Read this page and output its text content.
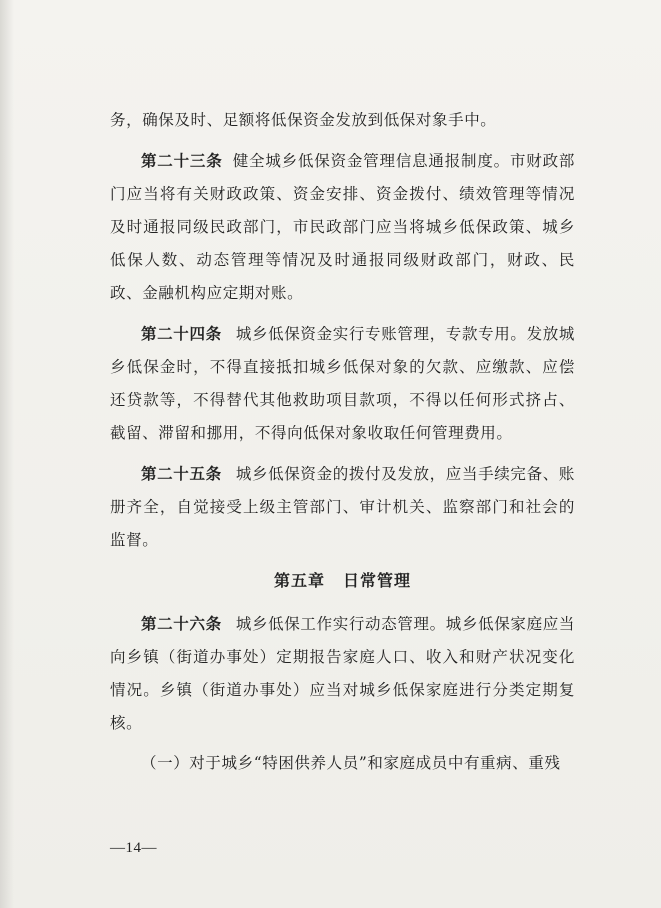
务，确保及时、足额将低保资金发放到低保对象手中。

第二十三条 健全城乡低保资金管理信息通报制度。市财政部门应当将有关财政政策、资金安排、资金拨付、绩效管理等情况及时通报同级民政部门，市民政部门应当将城乡低保政策、城乡低保人数、动态管理等情况及时通报同级财政部门，财政、民政、金融机构应定期对账。

第二十四条 城乡低保资金实行专账管理，专款专用。发放城乡低保金时，不得直接抵扣城乡低保对象的欠款、应缴款、应偿还贷款等，不得替代其他救助项目款项，不得以任何形式挤占、截留、滞留和挪用，不得向低保对象收取任何管理费用。

第二十五条 城乡低保资金的拨付及发放，应当手续完备、账册齐全，自觉接受上级主管部门、审计机关、监察部门和社会的监督。

第五章 日常管理

第二十六条 城乡低保工作实行动态管理。城乡低保家庭应当向乡镇（街道办事处）定期报告家庭人口、收入和财产状况变化情况。乡镇（街道办事处）应当对城乡低保家庭进行分类定期复核。

（一）对于城乡“特困供养人员”和家庭成员中有重病、重残

—14—
